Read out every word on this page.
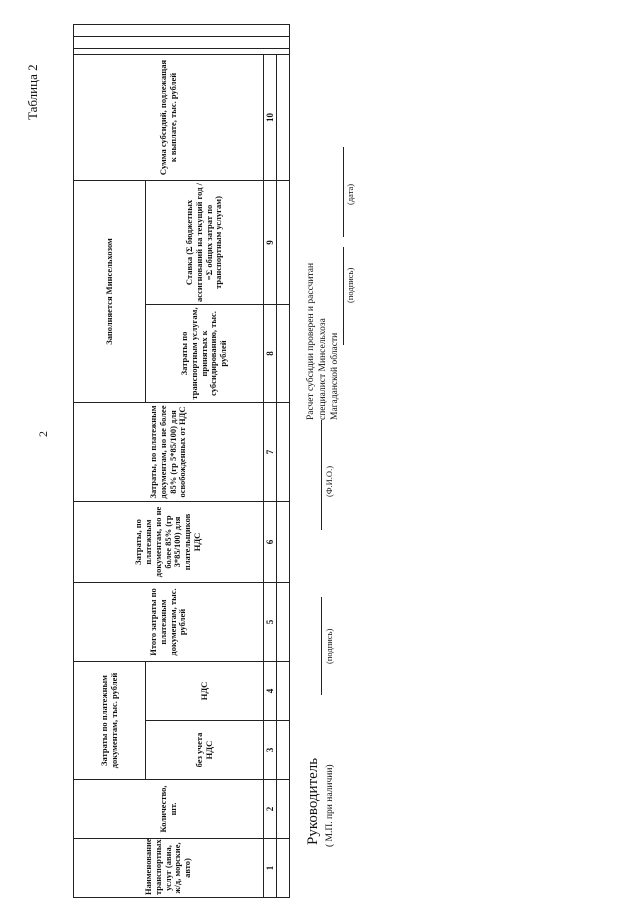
2
Таблица 2
Наименование транспортных услуг (авиа, ж/д, морские, авто)	Количество, шт.	Затраты по платежным документам, тыс. рублей		Итого затраты по платежным документам, тыс. рублей	Затраты, по платежным документам, но не более 85% (гр 3*85/100) для плательщиков НДС	Затраты, по платежным документам, но не более 85% (гр 5*85/100) для освобожденных от НДС	Заполняется Минсельхозом		Сумма субсидий, подлежащая к выплате, тыс. рублей			
		без учета НДС	НДС				Затраты по транспортным услугам, принятых к субсидированию, тыс. рублей	Ставка (Σ бюджетных ассигнований на текущий год / =Σ общих затрат по транспортным услугам)				
1	2	3	4	5	6	7	8	9	10			

Руководитель ( М.П. при наличии)
(подпись)
(Ф.И.О.)
Расчет субсидии проверен и рассчитан специалист Минсельхоза Магаданской области
(подпись)
(дата)
